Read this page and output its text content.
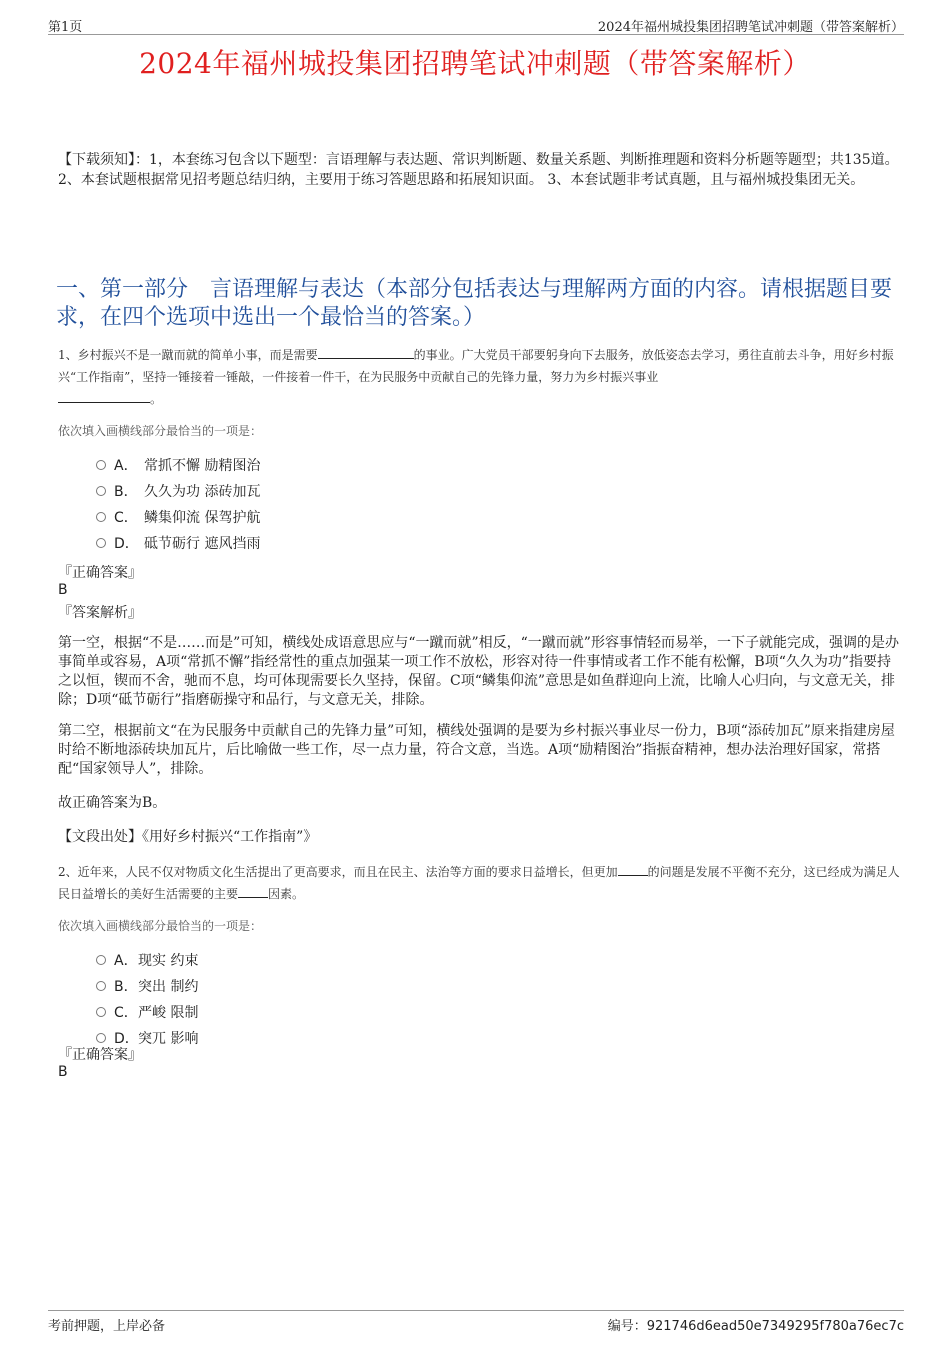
第1页	2024年福州城投集团招聘笔试冲刺题（带答案解析）
2024年福州城投集团招聘笔试冲刺题（带答案解析）
【下载须知】：1，本套练习包含以下题型：言语理解与表达题、常识判断题、数量关系题、判断推理题和资料分析题等题型；共135道。 2、本套试题根据常见招考题总结归纳，主要用于练习答题思路和拓展知识面。 3、本套试题非考试真题，且与福州城投集团无关。
一、第一部分　言语理解与表达（本部分包括表达与理解两方面的内容。请根据题目要求，在四个选项中选出一个最恰当的答案。）
1、乡村振兴不是一蹴而就的简单小事，而是需要	的事业。广大党员干部要躬身向下去服务，放低姿态去学习，勇往直前去斗争，用好乡村振兴“工作指南”，坚持一锤接着一锤敲，一件接着一件干，在为民服务中贡献自己的先锋力量，努力为乡村振兴事业
。
依次填入画横线部分最恰当的一项是：
A． 常抓不懈 励精图治
B． 久久为功 添砖加瓦
C． 鳞集仰流 保驾护航
D． 砥节砺行 遮风挡雨
『正确答案』
B
『答案解析』
第一空，根据“不是……而是”可知，横线处成语意思应与“一蹴而就”相反，“一蹴而就”形容事情轻而易举，一下子就能完成，强调的是办事简单或容易，A项“常抓不懈”指经常性的重点加强某一项工作不放松，形容对待一件事情或者工作不能有松懈，B项“久久为功”指要持之以恒，锲而不舍，驰而不息，均可体现需要长久坚持，保留。C项“鳞集仰流”意思是如鱼群迎向上流，比喻人心归向，与文意无关，排除；D项“砥节砺行”指磨砺操守和品行，与文意无关，排除。
第二空，根据前文“在为民服务中贡献自己的先锋力量”可知，横线处强调的是要为乡村振兴事业尽一份力，B项“添砖加瓦”原来指建房屋时给不断地添砖块加瓦片，后比喻做一些工作，尽一点力量，符合文意，当选。A项“励精图治”指振奋精神，想办法治理好国家，常搭配“国家领导人”，排除。
故正确答案为B。
【文段出处】《用好乡村振兴“工作指南”》
2、近年来，人民不仅对物质文化生活提出了更高要求，而且在民主、法治等方面的要求日益增长，但更加	的问题是发展不平衡不充分，这已经成为满足人民日益增长的美好生活需要的主要	因素。
依次填入画横线部分最恰当的一项是：
A．现实 约束
B．突出 制约
C．严峻 限制
D．突兀 影响
『正确答案』
B
考前押题，上岸必备	编号：921746d6ead50e7349295f780a76ec7c
